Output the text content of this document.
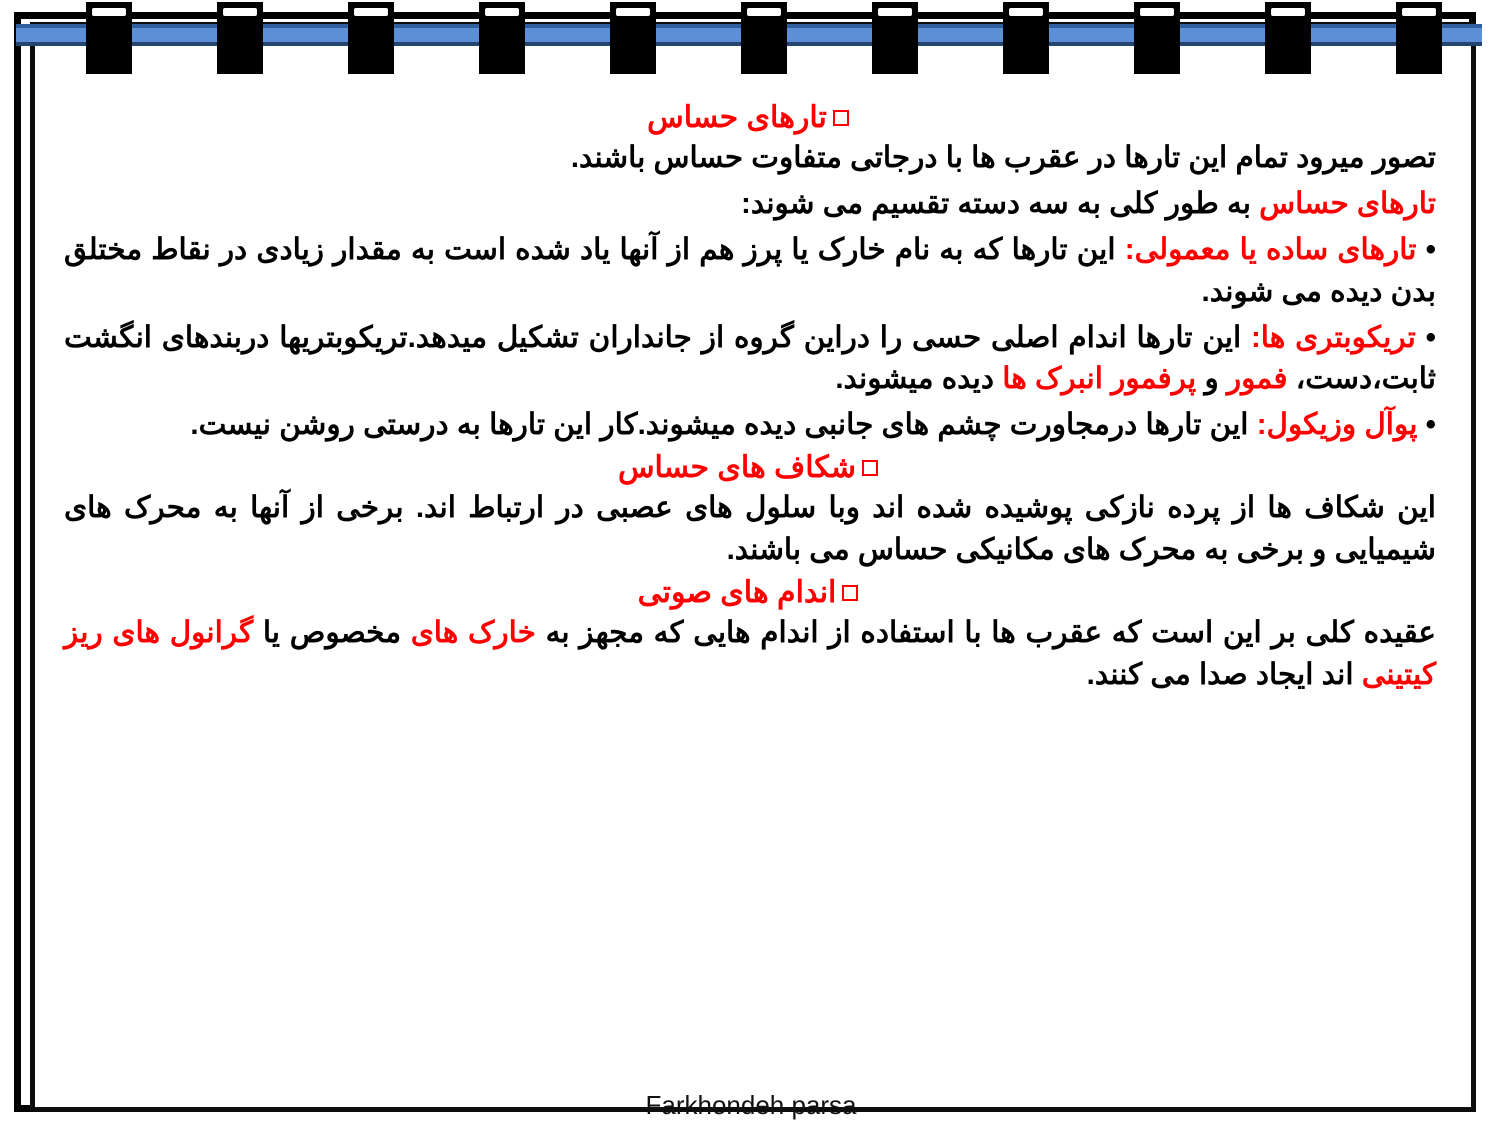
تارهای حساس

تصور میرود تمام این تارها در عقرب ها با درجاتی متفاوت حساس باشند.

تارهای حساس به طور کلی به سه دسته تقسیم می شوند:

• تارهای ساده یا معمولی: این تارها که به نام خارک یا پرز هم از آنها یاد شده است به مقدار زیادی در نقاط مختلق بدن دیده می شوند.

• تریکوبتری ها: این تارها اندام اصلی حسی را دراین گروه از جانداران تشکیل میدهد.تریکوبتریها دربندهای انگشت ثابت،دست، فمور و پرفمور انبرک ها دیده میشوند.

• پوآل وزیکول: این تارها درمجاورت چشم های جانبی دیده میشوند.کار این تارها به درستی روشن نیست.

شکاف های حساس

این شکاف ها از پرده نازکی پوشیده شده اند وبا سلول های عصبی در ارتباط اند. برخی از آنها به محرک های شیمیایی و برخی به محرک های مکانیکی حساس می باشند.

اندام های صوتی

عقیده کلی بر این است که عقرب ها با استفاده از اندام هایی که مجهز به خارک های مخصوص یا گرانول های ریز کیتینی اند ایجاد صدا می کنند.

Farkhondeh parsa
